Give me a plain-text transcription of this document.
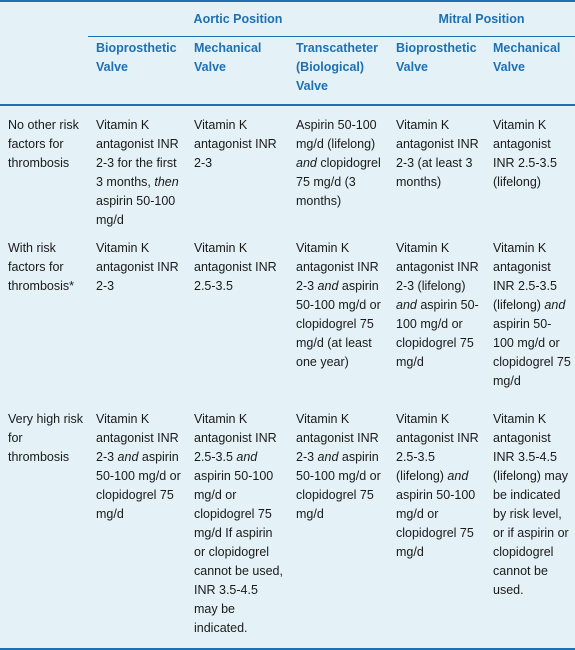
	Aortic Position			Mitral Position	
	Bioprosthetic Valve	Mechanical Valve	Transcatheter (Biological) Valve	Bioprosthetic Valve	Mechanical Valve
No other risk factors for thrombosis	Vitamin K antagonist INR 2-3 for the first 3 months, then aspirin 50-100 mg/d	Vitamin K antagonist INR 2-3	Aspirin 50-100 mg/d (lifelong) and clopidogrel 75 mg/d (3 months)	Vitamin K antagonist INR 2-3 (at least 3 months)	Vitamin K antagonist INR 2.5-3.5 (lifelong)
With risk factors for thrombosis*	Vitamin K antagonist INR 2-3	Vitamin K antagonist INR 2.5-3.5	Vitamin K antagonist INR 2-3 and aspirin 50-100 mg/d or clopidogrel 75 mg/d (at least one year)	Vitamin K antagonist INR 2-3 (lifelong) and aspirin 50-100 mg/d or clopidogrel 75 mg/d	Vitamin K antagonist INR 2.5-3.5 (lifelong) and aspirin 50-100 mg/d or clopidogrel 75 mg/d
Very high risk for thrombosis	Vitamin K antagonist INR 2-3 and aspirin 50-100 mg/d or clopidogrel 75 mg/d	Vitamin K antagonist INR 2.5-3.5 and aspirin 50-100 mg/d or clopidogrel 75 mg/d If aspirin or clopidogrel cannot be used, INR 3.5-4.5 may be indicated.	Vitamin K antagonist INR 2-3 and aspirin 50-100 mg/d or clopidogrel 75 mg/d	Vitamin K antagonist INR 2.5-3.5 (lifelong) and aspirin 50-100 mg/d or clopidogrel 75 mg/d	Vitamin K antagonist INR 3.5-4.5 (lifelong) may be indicated by risk level, or if aspirin or clopidogrel cannot be used.
